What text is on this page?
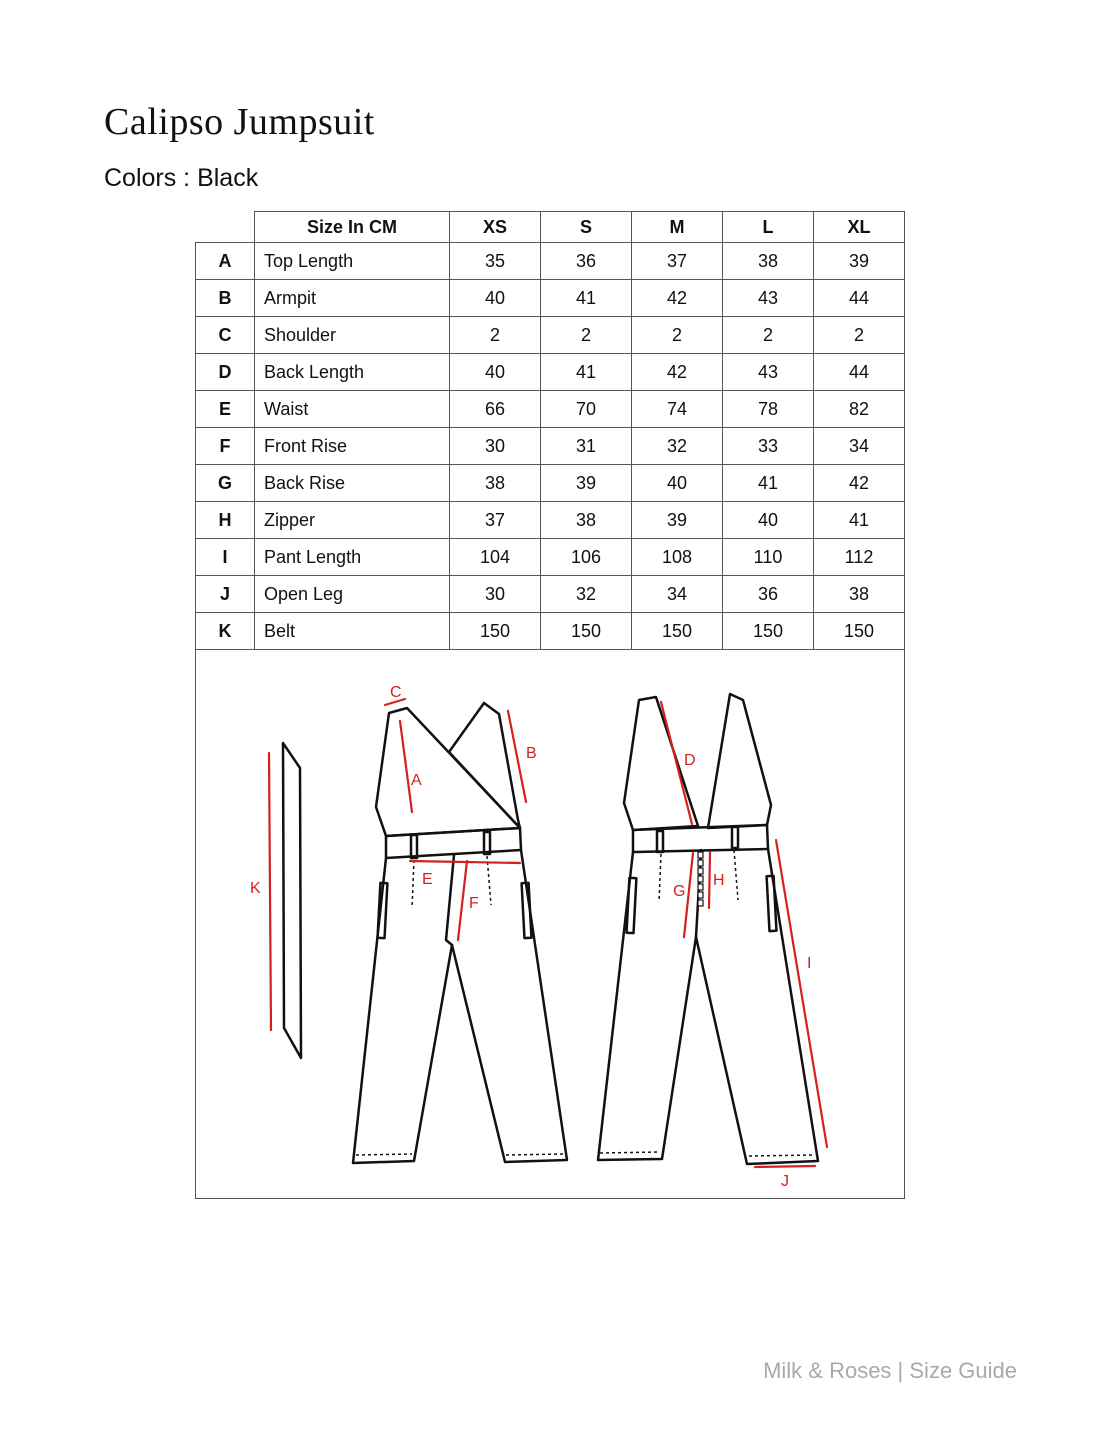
Calipso Jumpsuit
Colors : Black
	Size In CM	XS	S	M	L	XL
A	Top Length	35	36	37	38	39
B	Armpit	40	41	42	43	44
C	Shoulder	2	2	2	2	2
D	Back Length	40	41	42	43	44
E	Waist	66	70	74	78	82
F	Front Rise	30	31	32	33	34
G	Back Rise	38	39	40	41	42
H	Zipper	37	38	39	40	41
I	Pant Length	104	106	108	110	112
J	Open Leg	30	32	34	36	38
K	Belt	150	150	150	150	150
K
C
A
B
E
F
D
G
H
I
J
Milk & Roses | Size Guide
